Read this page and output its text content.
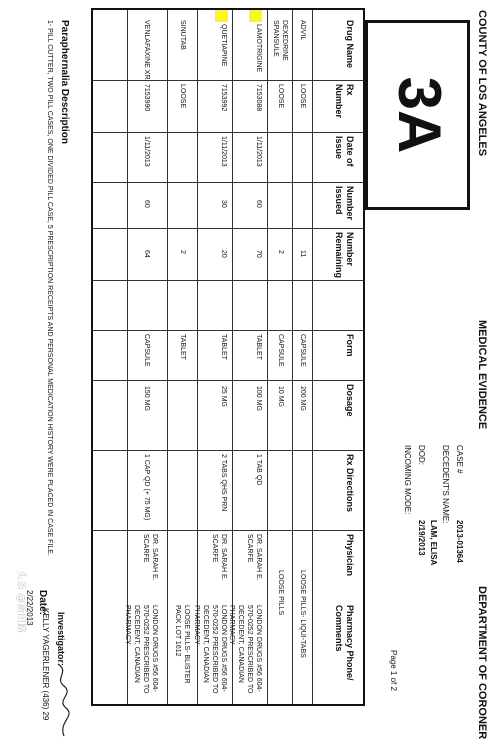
COUNTY OF LOS ANGELES
MEDICAL EVIDENCE
DEPARTMENT OF CORONER
3A
CASE #
2013-01364
DECEDENT'S NAME:
LAM, ELISA
DOD:
2/19/2013
INCOMING MODE:
Page 1 of 2
Drug Name
Rx Number
Date of Issue
Number Issued
Number Remaining
Form
Dosage
Rx Directions
Physician
Pharmacy Phone/ Comments
ADVIL
LOOSE
11
CAPSULE
200 MG
LOOSE PILLS- LIQUI-TABS
DEXEDRINE SPANSULE
LOOSE
2
CAPSULE
10 MG
LOOSE PILLS
LAMOTRIGINE
7153088
1/11/2013
60
70
TABLET
100 MG
1 TAB QD
DR. SARAH E. SCARFE
LONDON DRUGS #56 604-570-0252 PRESCRIBED TO DECEDENT, CANADIAN PHARMACY
QUETIAPINE
7153992
1/11/2013
30
20
TABLET
25 MG
2 TABS QHS PRN
DR. SARAH E. SCARFE
LONDON DRUGS #56 604-570-0252 PRESCRIBED TO DECEDENT, CANADIAN PHARMACY
SINUTAB
LOOSE
2
TABLET
LOOSE PILLS- BLISTER PACK LOT 1612
VENLAFAXINE XR
7153990
1/11/2013
60
64
CAPSULE
150 MG
1 CAP QD (+ 75 MG)
DR. SARAH E. SCARFE
LONDON DRUGS #56 604-570-0252 PRESCRIBED TO DECEDENT, CANADIAN PHARMACY
Paraphernalia Description
1- PILL CUTTER, TWO PILL CASES, ONE DIVIDED PILL CASE, 5 PRESCRIPTION RECEIPTS AND PERSONAL MEDICATION HISTORY WERE PLACED IN CASE FILE.
Investigator:
KELLY YAGERLENER (436) 29
Date:
2/22/2013
头条 @新田路
